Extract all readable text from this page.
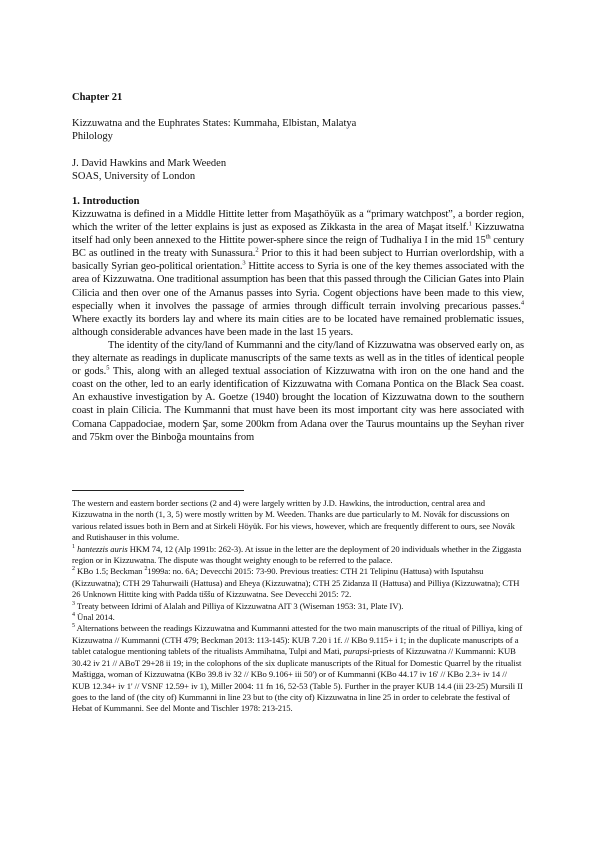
Chapter 21
Kizzuwatna and the Euphrates States: Kummaha, Elbistan, Malatya
Philology
J. David Hawkins and Mark Weeden
SOAS, University of London
1. Introduction

Kizzuwatna is defined in a Middle Hittite letter from Maşathöyük as a “primary watchpost”, a border region, which the writer of the letter explains is just as exposed as Zikkasta in the area of Maşat itself.$^1$ Kizzuwatna itself had only been annexed to the Hittite power-sphere since the reign of Tudhaliya I in the mid 15th century BC as outlined in the treaty with Sunassura.$^2$ Prior to this it had been subject to Hurrian overlordship, with a basically Syrian geo-political orientation.$^3$ Hittite access to Syria is one of the key themes associated with the area of Kizzuwatna. One traditional assumption has been that this passed through the Cilician Gates into Plain Cilicia and then over one of the Amanus passes into Syria. Cogent objections have been made to this view, especially when it involves the passage of armies through difficult terrain involving precarious passes.$^4$ Where exactly its borders lay and where its main cities are to be located have remained problematic issues, although considerable advances have been made in the last 15 years.

The identity of the city/land of Kummanni and the city/land of Kizzuwatna was observed early on, as they alternate as readings in duplicate manuscripts of the same texts as well as in the titles of identical people or gods.$^5$ This, along with an alleged textual association of Kizzuwatna with iron on the one hand and the coast on the other, led to an early identification of Kizzuwatna with Comana Pontica on the Black Sea coast. An exhaustive investigation by A. Goetze (1940) brought the location of Kizzuwatna down to the southern coast in plain Cilicia. The Kummanni that must have been its most important city was here associated with Comana Cappadociae, modern Şar, some 200km from Adana over the Taurus mountains up the Seyhan river and 75km over the Binboğa mountains from

The western and eastern border sections (2 and 4) were largely written by J.D. Hawkins, the introduction, central area and Kizzuwatna in the north (1, 3, 5) were mostly written by M. Weeden. Thanks are due particularly to M. Novák for discussions on various related issues both in Bern and at Sirkeli Höyük. For his views, however, which are frequently different to ours, see Novák and Rutishauser in this volume.

$^1$ hantezzis auris HKM 74, 12 (Alp 1991b: 262-3). At issue in the letter are the deployment of 20 individuals whether in the Ziggasta region or in Kizzuwatna. The dispute was thought weighty enough to be referred to the palace.

$^2$ KBo 1.5; Beckman $^2$1999a: no. 6A; Devecchi 2015: 73-90. Previous treaties: CTH 21 Telipinu (Hattusa) with Isputahsu (Kizzuwatna); CTH 29 Tahurwaili (Hattusa) and Eheya (Kizzuwatna); CTH 25 Zidanza II (Hattusa) and Pilliya (Kizzuwatna); CTH 26 Unknown Hittite king with Padda tiššu of Kizzuwatna. See Devecchi 2015: 72.

$^3$ Treaty between Idrimi of Alalah and Pilliya of Kizzuwatna AlT 3 (Wiseman 1953: 31, Plate IV).

$^4$ Ünal 2014.

$^5$ Alternations between the readings Kizzuwatna and Kummanni attested for the two main manuscripts of the ritual of Pilliya, king of Kizzuwatna // Kummanni (CTH 479; Beckman 2013: 113-145): KUB 7.20 i 1f. // KBo 9.115+ i 1; in the duplicate manuscripts of a tablet catalogue mentioning tablets of the ritualists Ammihatna, Tulpi and Mati, purapsi-priests of Kizzuwatna // Kummanni: KUB 30.42 iv 21 // ABoT 29+28 ii 19; in the colophons of the six duplicate manuscripts of the Ritual for Domestic Quarrel by the ritualist Maštigga, woman of Kizzuwatna (KBo 39.8 iv 32 // KBo 9.106+ iii 50') or of Kummanni (KBo 44.17 iv 16' // KBo 2.3+ iv 14 // KUB 12.34+ iv 1' // VSNF 12.59+ iv 1), Miller 2004: 11 fn 16, 52-53 (Table 5). Further in the prayer KUB 14.4 (iii 23-25) Mursili II goes to the land of (the city of) Kummanni in line 23 but to (the city of) Kizzuwatna in line 25 in order to celebrate the festival of Hebat of Kummanni. See del Monte and Tischler 1978: 213-215.
